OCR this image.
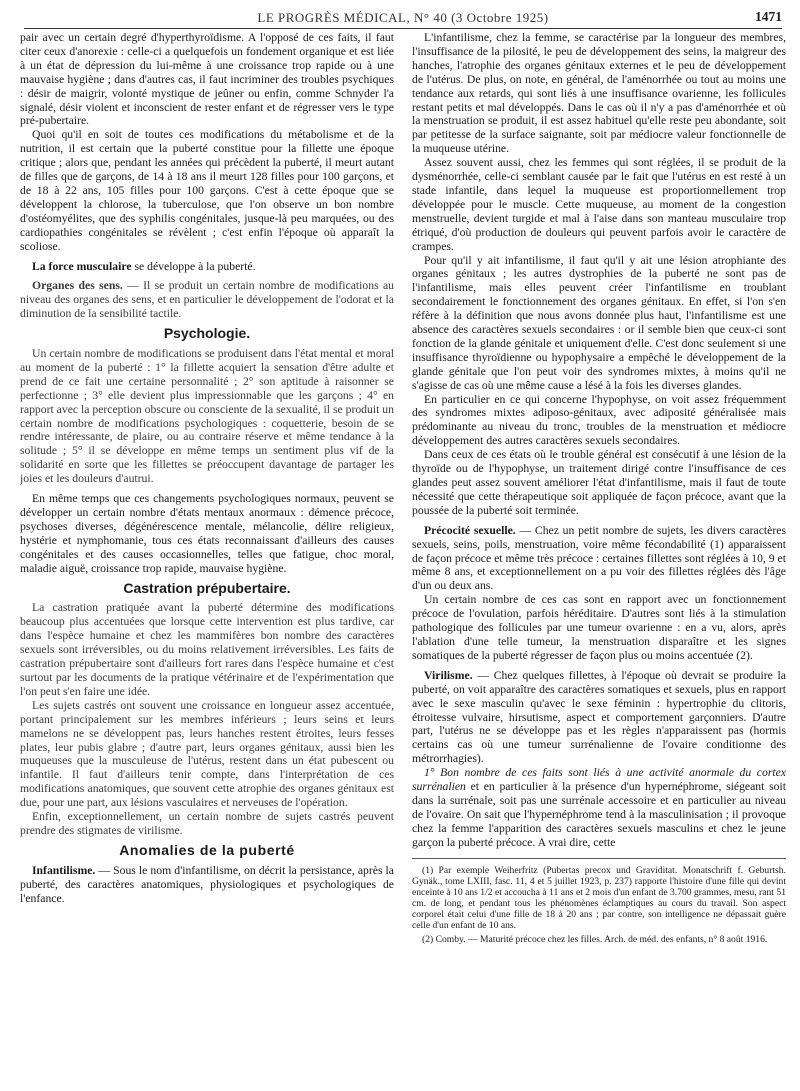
LE PROGRÈS MÉDICAL, N° 40 (3 Octobre 1925)	1471

pair avec un certain degré d'hyperthyroïdisme. A l'opposé de ces faits, il faut citer ceux d'anorexie : celle-ci a quelquefois un fondement organique et est liée à un état de dépression du lui-même à une croissance trop rapide ou à une mauvaise hygiène ; dans d'autres cas, il faut incriminer des troubles psychiques : désir de maigrir, volonté mystique de jeûner ou enfin, comme Schnyder l'a signalé, désir violent et inconscient de rester enfant et de régresser vers le type pré-pubertaire.

Quoi qu'il en soit de toutes ces modifications du métabolisme et de la nutrition, il est certain que la puberté constitue pour la fillette une époque critique ; alors que, pendant les années qui précèdent la puberté, il meurt autant de filles que de garçons, de 14 à 18 ans il meurt 128 filles pour 100 garçons, et de 18 à 22 ans, 105 filles pour 100 garçons. C'est à cette époque que se développent la chlorose, la tuberculose, que l'on observe un bon nombre d'ostéomyélites, que des syphilis congénitales, jusque-là peu marquées, ou des cardiopathies congénitales se révèlent ; c'est enfin l'époque où apparaît la scoliose.

La force musculaire se développe à la puberté.

Organes des sens. — Il se produit un certain nombre de modifications au niveau des organes des sens, et en particulier le développement de l'odorat et la diminution de la sensibilité tactile.

Psychologie.

Un certain nombre de modifications se produisent dans l'état mental et moral au moment de la puberté : 1° la fillette acquiert la sensation d'être adulte et prend de ce fait une certaine personnalité ; 2° son aptitude à raisonner se perfectionne ; 3° elle devient plus impressionnable que les garçons ; 4° en rapport avec la perception obscure ou consciente de la sexualité, il se produit un certain nombre de modifications psychologiques : coquetterie, besoin de se rendre intéressante, de plaire, ou au contraire réserve et même tendance à la solitude ; 5° il se développe en même temps un sentiment plus vif de la solidarité en sorte que les fillettes se préoccupent davantage de partager les joies et les douleurs d'autrui.

En même temps que ces changements psychologiques normaux, peuvent se développer un certain nombre d'états mentaux anormaux : démence précoce, psychoses diverses, dégénérescence mentale, mélancolie, délire religieux, hystérie et nymphomanie, tous ces états reconnaissant d'ailleurs des causes congénitales et des causes occasionnelles, telles que fatigue, choc moral, maladie aiguë, croissance trop rapide, mauvaise hygiène.

Castration prépubertaire.

La castration pratiquée avant la puberté détermine des modifications beaucoup plus accentuées que lorsque cette intervention est plus tardive, car dans l'espèce humaine et chez les mammifères bon nombre des caractères sexuels sont irréversibles, ou du moins relativement irréversibles. Les faits de castration prépubertaire sont d'ailleurs fort rares dans l'espèce humaine et c'est surtout par les documents de la pratique vétérinaire et de l'expérimentation que l'on peut s'en faire une idée.

Les sujets castrés ont souvent une croissance en longueur assez accentuée, portant principalement sur les membres inférieurs ; leurs seins et leurs mamelons ne se développent pas, leurs hanches restent étroites, leurs fesses plates, leur pubis glabre ; d'autre part, leurs organes génitaux, aussi bien les muqueuses que la musculeuse de l'utérus, restent dans un état pubescent ou infantile. Il faut d'ailleurs tenir compte, dans l'interprétation de ces modifications anatomiques, que souvent cette atrophie des organes génitaux est due, pour une part, aux lésions vasculaires et nerveuses de l'opération.

Enfin, exceptionnellement, un certain nombre de sujets castrés peuvent prendre des stigmates de virilisme.

Anomalies de la puberté

Infantilisme. — Sous le nom d'infantilisme, on décrit la persistance, après la puberté, des caractères anatomiques, physiologiques et psychologiques de l'enfance.

L'infantilisme, chez la femme, se caractérise par la longueur des membres, l'insuffisance de la pilosité, le peu de développement des seins, la maigreur des hanches, l'atrophie des organes génitaux externes et le peu de développement de l'utérus. De plus, on note, en général, de l'aménorrhée ou tout au moins une tendance aux retards, qui sont liés à une insuffisance ovarienne, les follicules restant petits et mal développés. Dans le cas où il n'y a pas d'aménorrhée et où la menstruation se produit, il est assez habituel qu'elle reste peu abondante, soit par petitesse de la surface saignante, soit par médiocre valeur fonctionnelle de la muqueuse utérine.

Assez souvent aussi, chez les femmes qui sont réglées, il se produit de la dysménorrhée, celle-ci semblant causée par le fait que l'utérus en est resté à un stade infantile, dans lequel la muqueuse est proportionnellement trop développée pour le muscle. Cette muqueuse, au moment de la congestion menstruelle, devient turgide et mal à l'aise dans son manteau musculaire trop étriqué, d'où production de douleurs qui peuvent parfois avoir le caractère de crampes.

Pour qu'il y ait infantilisme, il faut qu'il y ait une lésion atrophiante des organes génitaux ; les autres dystrophies de la puberté ne sont pas de l'infantilisme, mais elles peuvent créer l'infantilisme en troublant secondairement le fonctionnement des organes génitaux. En effet, si l'on s'en réfère à la définition que nous avons donnée plus haut, l'infantilisme est une absence des caractères sexuels secondaires : or il semble bien que ceux-ci sont fonction de la glande génitale et uniquement d'elle. C'est donc seulement si une insuffisance thyroïdienne ou hypophysaire a empêché le développement de la glande génitale que l'on peut voir des syndromes mixtes, à moins qu'il ne s'agisse de cas où une même cause a lésé à la fois les diverses glandes.

En particulier en ce qui concerne l'hypophyse, on voit assez fréquemment des syndromes mixtes adiposo-génitaux, avec adiposité généralisée mais prédominante au niveau du tronc, troubles de la menstruation et médiocre développement des autres caractères sexuels secondaires.

Dans ceux de ces états où le trouble général est consécutif à une lésion de la thyroïde ou de l'hypophyse, un traitement dirigé contre l'insuffisance de ces glandes peut assez souvent améliorer l'état d'infantilisme, mais il faut de toute nécessité que cette thérapeutique soit appliquée de façon précoce, avant que la poussée de la puberté soit terminée.

Précocité sexuelle. — Chez un petit nombre de sujets, les divers caractères sexuels, seins, poils, menstruation, voire même fécondabilité (1) apparaissent de façon précoce et même très précoce : certaines fillettes sont réglées à 10, 9 et même 8 ans, et exceptionnellement on a pu voir des fillettes réglées dès l'âge d'un ou deux ans.

Un certain nombre de ces cas sont en rapport avec un fonctionnement précoce de l'ovulation, parfois héréditaire. D'autres sont liés à la stimulation pathologique des follicules par une tumeur ovarienne : en a vu, alors, après l'ablation d'une telle tumeur, la menstruation disparaître et les signes somatiques de la puberté régresser de façon plus ou moins accentuée (2).

Virilisme. — Chez quelques fillettes, à l'époque où devrait se produire la puberté, on voit apparaître des caractères somatiques et sexuels, plus en rapport avec le sexe masculin qu'avec le sexe féminin : hypertrophie du clitoris, étroitesse vulvaire, hirsutisme, aspect et comportement garçonniers. D'autre part, l'utérus ne se développe pas et les règles n'apparaissent pas (hormis certains cas où une tumeur surrénalienne de l'ovaire conditionne des métrorrhagies).

1° Bon nombre de ces faits sont liés à une activité anormale du cortex surrénalien et en particulier à la présence d'un hypernéphrome, siégeant soit dans la surrénale, soit pas une surrénale accessoire et en particulier au niveau de l'ovaire. On sait que l'hypernéphrome tend à la masculinisation ; il provoque chez la femme l'apparition des caractères sexuels masculins et chez le jeune garçon la puberté précoce. A vrai dire, cette

(1) Par exemple Weiherfritz (Pubertas precox und Graviditat. Monatschrift f. Geburtsh. Gynäk., tome LXIII, fasc. 11, 4 et 5 juillet 1923, p. 237) rapporte l'histoire d'une fille qui devint enceinte à 10 ans 1/2 et accoucha à 11 ans et 2 mois d'un enfant de 3.700 grammes, mesu, rant 51 cm. de long, et pendant tous les phénomènes éclamptiques au cours du travail. Son aspect corporel était celui d'une fille de 18 à 20 ans ; par contre, son intelligence ne dépassait guère celle d'un enfant de 10 ans.

(2) Comby. — Maturité précoce chez les filles. Arch. de méd. des enfants, n° 8 août 1916.
